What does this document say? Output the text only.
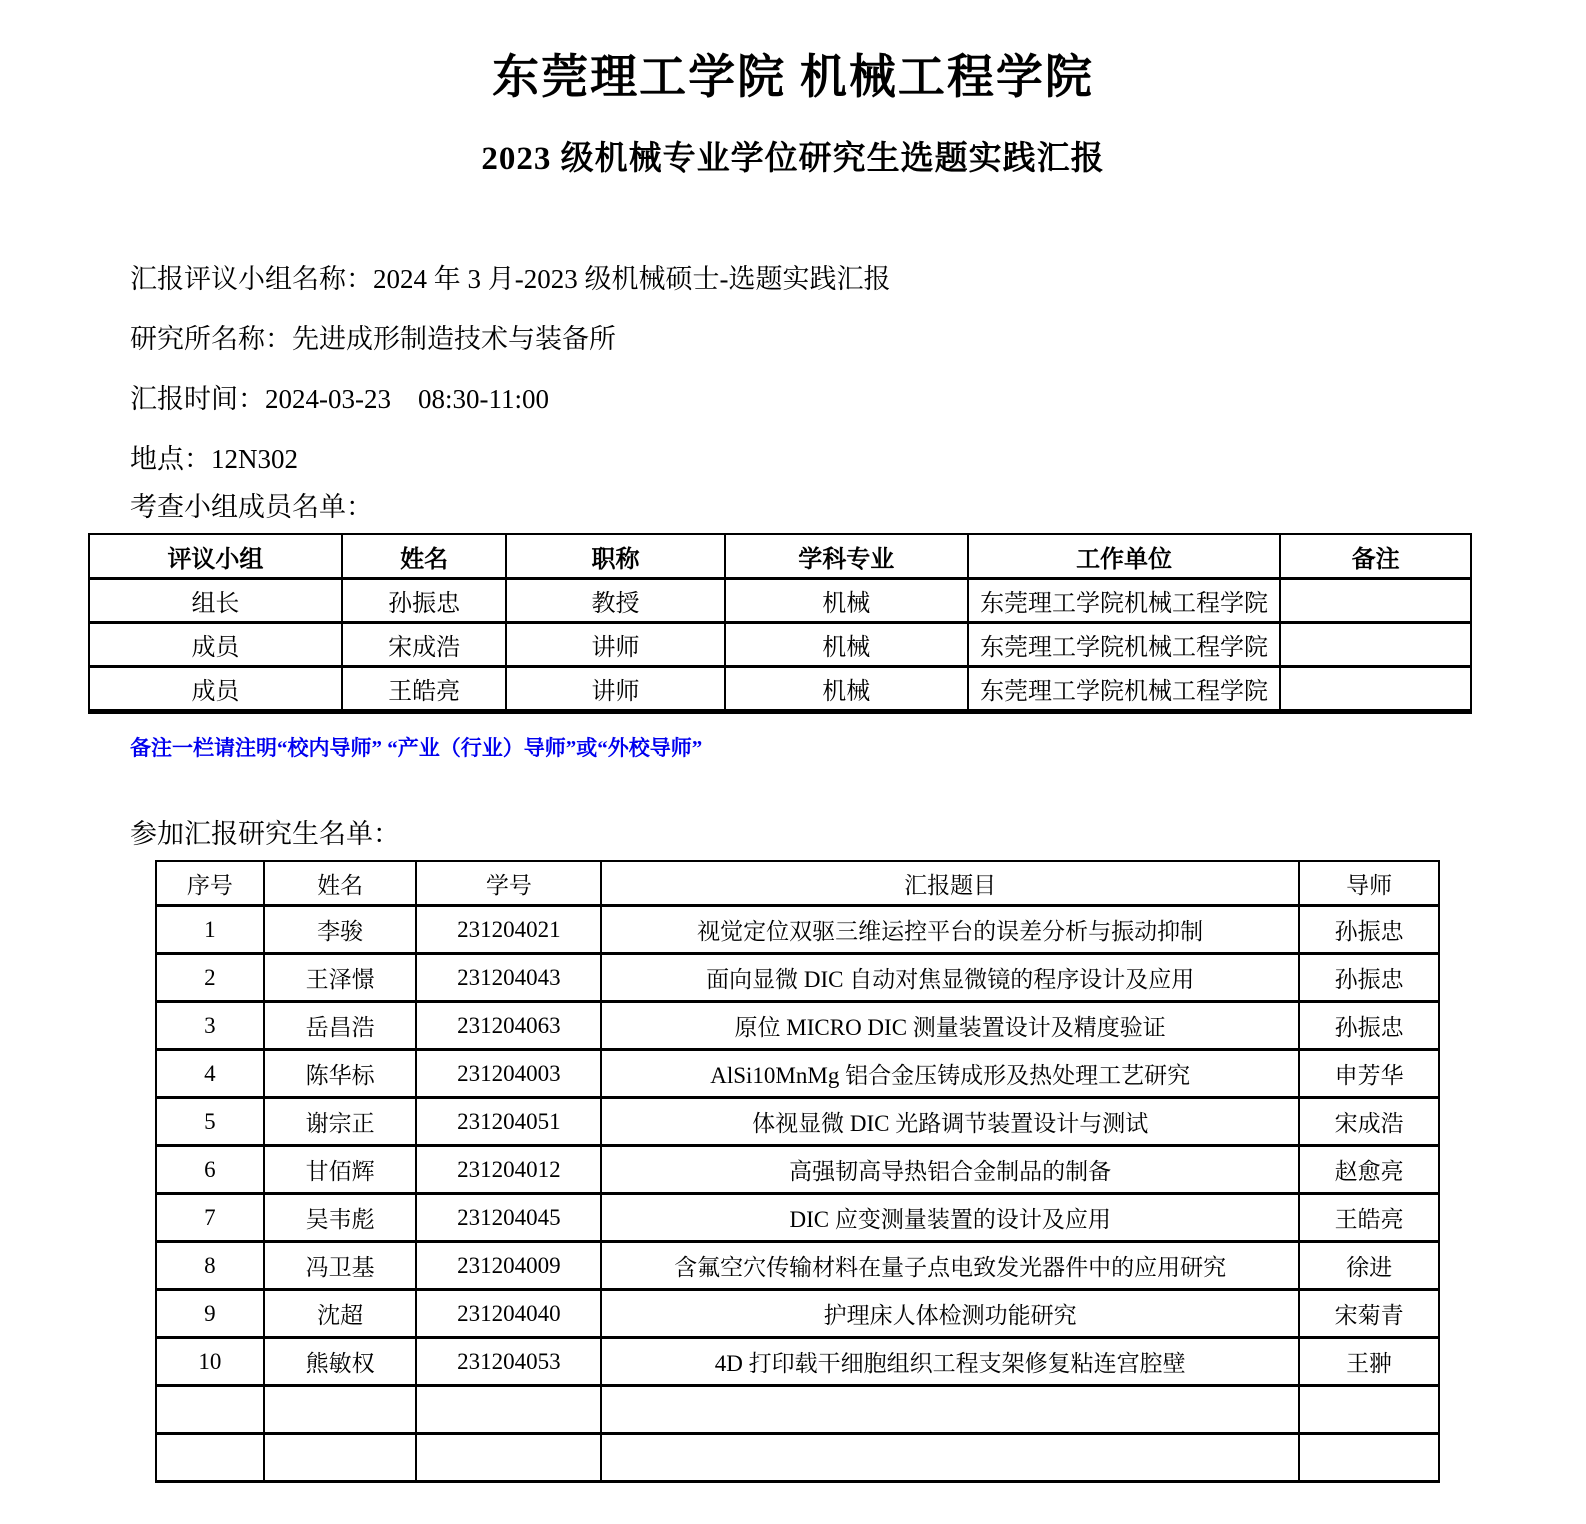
东莞理工学院 机械工程学院
2023 级机械专业学位研究生选题实践汇报

汇报评议小组名称：2024 年 3 月-2023 级机械硕士-选题实践汇报

研究所名称：先进成形制造技术与装备所

汇报时间：2024-03-23　08:30-11:00

地点：12N302

考查小组成员名单：

评议小组	姓名	职称	学科专业	工作单位	备注
组长	孙振忠	教授	机械	东莞理工学院机械工程学院	
成员	宋成浩	讲师	机械	东莞理工学院机械工程学院	
成员	王皓亮	讲师	机械	东莞理工学院机械工程学院	

备注一栏请注明“校内导师” “产业（行业）导师”或“外校导师”

参加汇报研究生名单：

序号	姓名	学号	汇报题目	导师
1	李骏	231204021	视觉定位双驱三维运控平台的误差分析与振动抑制	孙振忠
2	王泽憬	231204043	面向显微 DIC 自动对焦显微镜的程序设计及应用	孙振忠
3	岳昌浩	231204063	原位 MICRO DIC 测量装置设计及精度验证	孙振忠
4	陈华标	231204003	AlSi10MnMg 铝合金压铸成形及热处理工艺研究	申芳华
5	谢宗正	231204051	体视显微 DIC 光路调节装置设计与测试	宋成浩
6	甘佰辉	231204012	高强韧高导热铝合金制品的制备	赵愈亮
7	吴韦彪	231204045	DIC 应变测量装置的设计及应用	王皓亮
8	冯卫基	231204009	含氟空穴传输材料在量子点电致发光器件中的应用研究	徐进
9	沈超	231204040	护理床人体检测功能研究	宋菊青
10	熊敏权	231204053	4D 打印载干细胞组织工程支架修复粘连宫腔壁	王翀
